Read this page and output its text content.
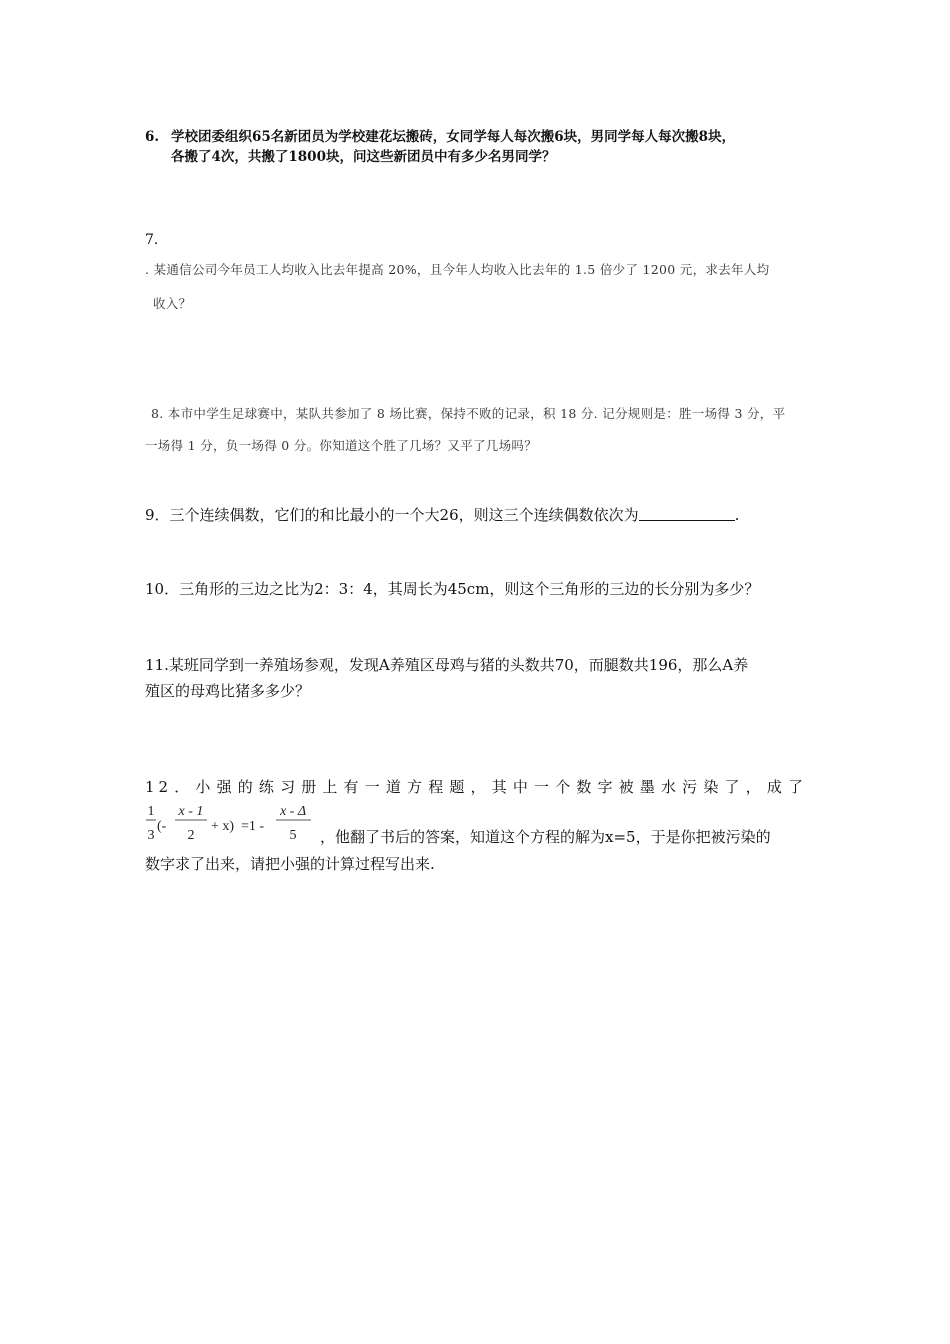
6. 学校团委组织65名新团员为学校建花坛搬砖，女同学每人每次搬6块，男同学每人每次搬8块，
各搬了4次，共搬了1800块，问这些新团员中有多少名男同学？
7.
. 某通信公司今年员工人均收入比去年提高 20%，且今年人均收入比去年的 1.5 倍少了 1200 元，求去年人均
收入？
8. 本市中学生足球赛中，某队共参加了 8 场比赛，保持不败的记录，积 18 分. 记分规则是：胜一场得 3 分，平
一场得 1 分，负一场得 0 分。你知道这个胜了几场？又平了几场吗？
9．三个连续偶数，它们的和比最小的一个大26，则这三个连续偶数依次为	.
10．三角形的三边之比为2：3：4，其周长为45cm，则这个三角形的三边的长分别为多少？
11.某班同学到一养殖场参观，发现A养殖区母鸡与猪的头数共70，而腿数共196，那么A养
殖区的母鸡比猪多多少？
12．小强的练习册上有一道方程题，其中一个数字被墨水污染了，成了
1
3
(-
x - 1
2
+ x) =1 -
x - Δ
5 ，他翻了书后的答案，知道这个方程的解为x=5，于是你把被污染的
数字求了出来，请把小强的计算过程写出来.
